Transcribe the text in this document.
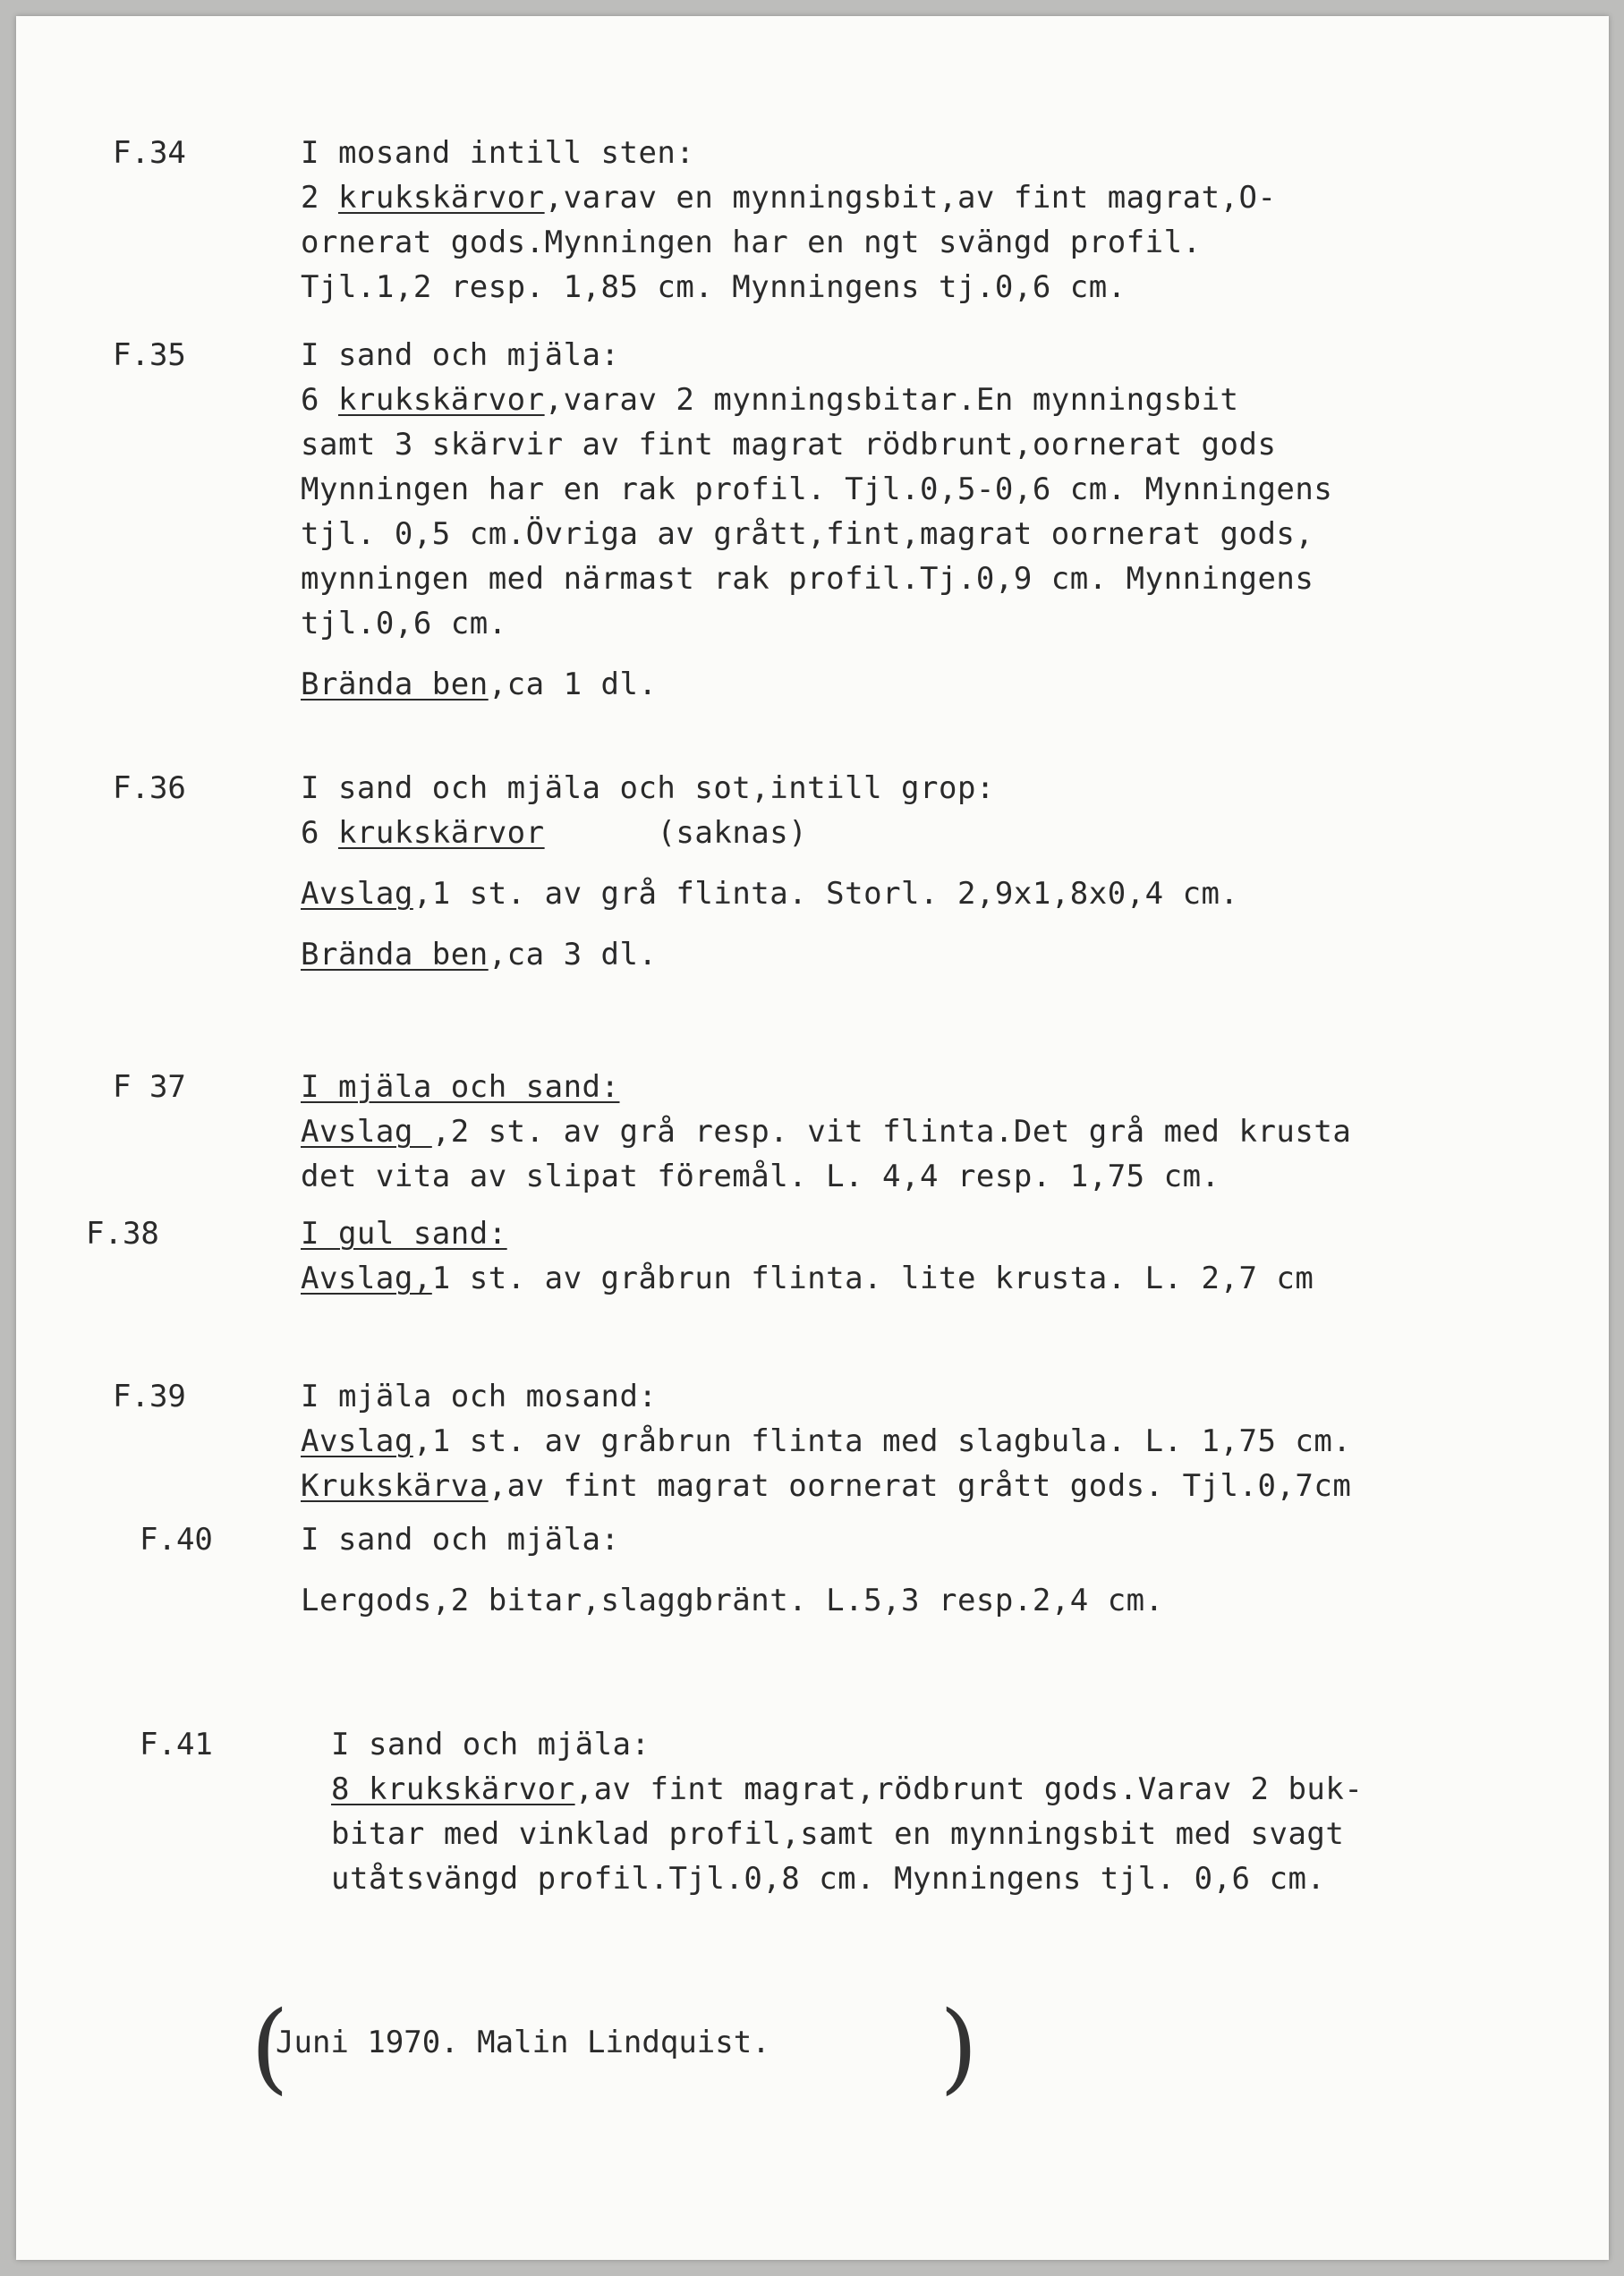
F.34	I mosand intill sten:
2 krukskärvor,varav en mynningsbit,av fint magrat,O-
ornerat gods.Mynningen har en ngt svängd profil.
Tjl.1,2 resp. 1,85 cm. Mynningens tj.0,6 cm.
F.35	I sand och mjäla:
6 krukskärvor,varav 2 mynningsbitar.En mynningsbit
samt 3 skärvir av fint magrat rödbrunt,oornerat gods
Mynningen har en rak profil. Tjl.0,5-0,6 cm. Mynningens
tjl. 0,5 cm.Övriga av grått,fint,magrat oornerat gods,
mynningen med närmast rak profil.Tj.0,9 cm. Mynningens
tjl.0,6 cm.
Brända ben,ca 1 dl.
F.36	I sand och mjäla och sot,intill grop:
6 krukskärvor      (saknas)
Avslag,1 st. av grå flinta. Storl. 2,9x1,8x0,4 cm.
Brända ben,ca 3 dl.
F 37	I mjäla och sand:
Avslag ,2 st. av grå resp. vit flinta.Det grå med krusta
det vita av slipat föremål. L. 4,4 resp. 1,75 cm.
F.38	I gul sand:
Avslag,1 st. av gråbrun flinta. lite krusta. L. 2,7 cm
F.39	I mjäla och mosand:
Avslag,1 st. av gråbrun flinta med slagbula. L. 1,75 cm.
Krukskärva,av fint magrat oornerat grått gods. Tjl.0,7cm
F.40	I sand och mjäla:
Lergods,2 bitar,slaggbränt. L.5,3 resp.2,4 cm.
F.41	I sand och mjäla:
8 krukskärvor,av fint magrat,rödbrunt gods.Varav 2 buk-
bitar med vinklad profil,samt en mynningsbit med svagt
utåtsvängd profil.Tjl.0,8 cm. Mynningens tjl. 0,6 cm.
(
Juni 1970. Malin Lindquist. )
